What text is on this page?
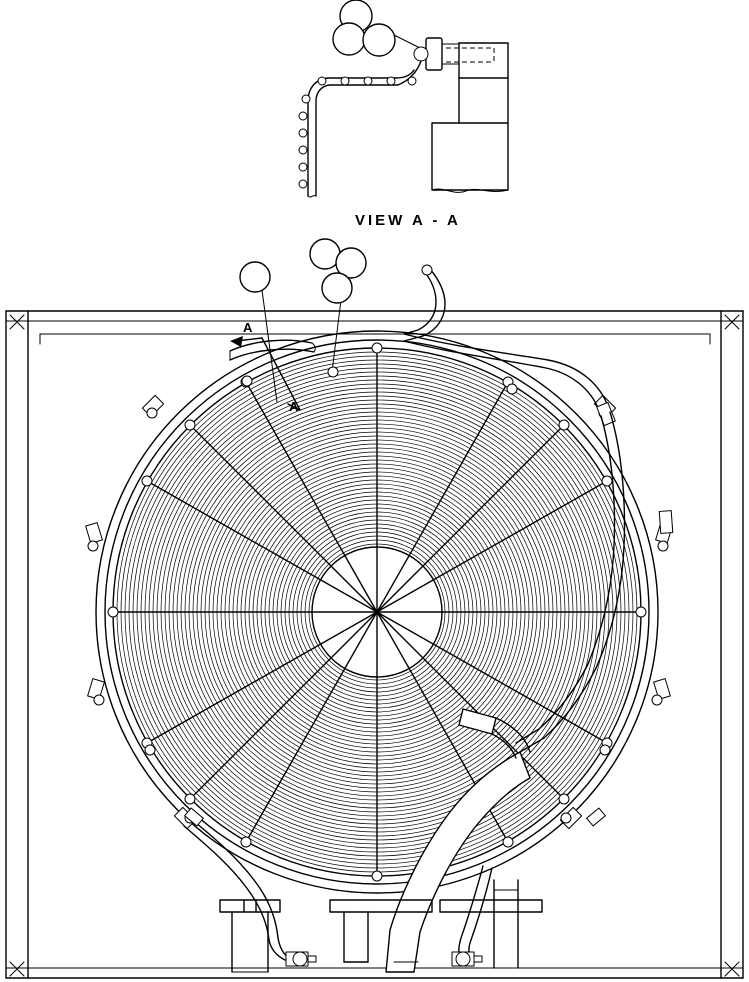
A
A
VIEW A - A
